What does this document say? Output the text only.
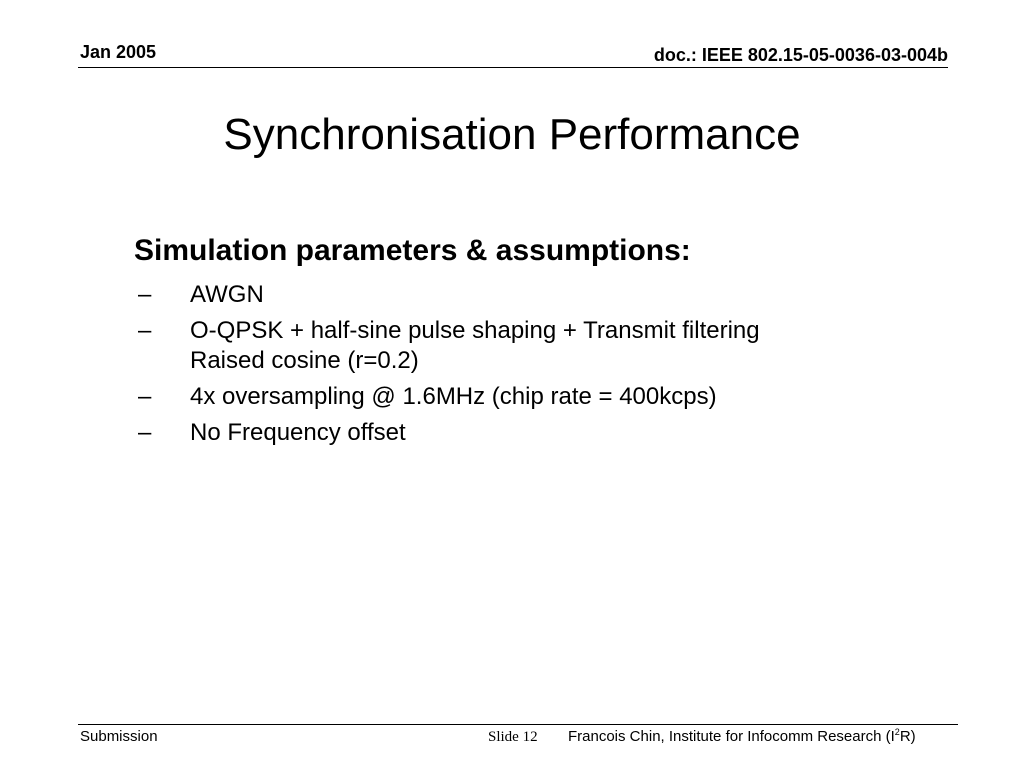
Jan 2005	doc.: IEEE 802.15-05-0036-03-004b
Synchronisation Performance
Simulation parameters & assumptions:
– AWGN
– O-QPSK + half-sine pulse shaping + Transmit filtering
Raised cosine (r=0.2)
– 4x oversampling @ 1.6MHz (chip rate = 400kcps)
– No Frequency offset
Submission	Slide 12 Francois Chin, Institute for Infocomm Research $(I^2R)$
